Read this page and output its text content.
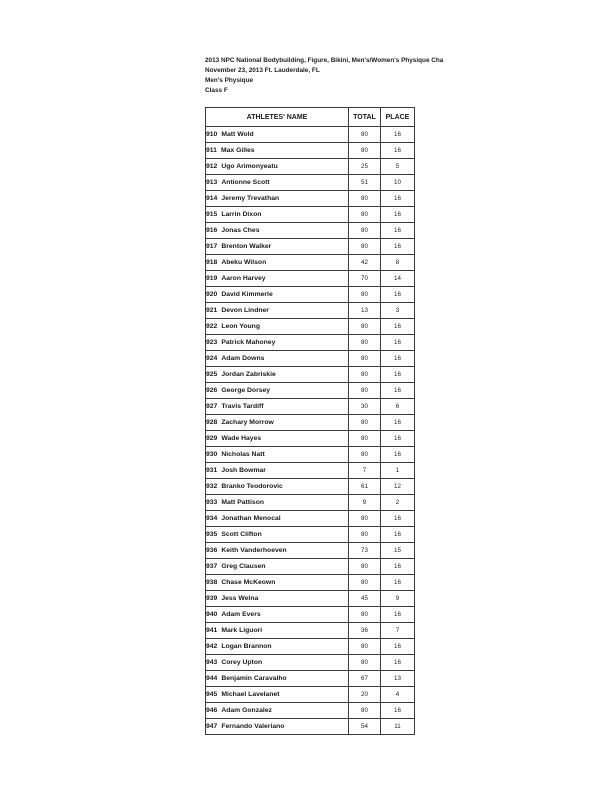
2013 NPC National Bodybuilding, Figure, Bikini, Men's/Women's Physique Cha
November 23, 2013 Ft. Lauderdale, FL
Men's Physique
Class F
ATHLETES' NAME	TOTAL	PLACE
910 Matt Wold	80	16
911 Max Gilles	80	16
912 Ugo Arimonyeatu	25	5
913 Antionne Scott	51	10
914 Jeremy Trevathan	80	16
915 Larrin Dixon	80	16
916 Jonas Ches	80	16
917 Brenton Walker	80	16
918 Abeku Wilson	42	8
919 Aaron Harvey	70	14
920 David Kimmerle	80	16
921 Devon Lindner	13	3
922 Leon Young	80	16
923 Patrick Mahoney	80	16
924 Adam Downs	80	16
925 Jordan Zabriskie	80	16
926 George Dorsey	80	16
927 Travis Tardiff	30	6
928 Zachary Morrow	80	16
929 Wade Hayes	80	16
930 Nicholas Natt	80	16
931 Josh Bowmar	7	1
932 Branko Teodorovic	61	12
933 Matt Pattison	9	2
934 Jonathan Menocal	80	16
935 Scott Clifton	80	16
936 Keith Vanderhoeven	73	15
937 Greg Clausen	80	16
938 Chase McKeown	80	16
939 Jess Welna	45	9
940 Adam Evers	80	16
941 Mark Liguori	36	7
942 Logan Brannon	80	16
943 Corey Upton	80	16
944 Benjamin Caravalho	67	13
945 Michael Lavelanet	20	4
946 Adam Gonzalez	80	16
947 Fernando Valeriano	54	11
